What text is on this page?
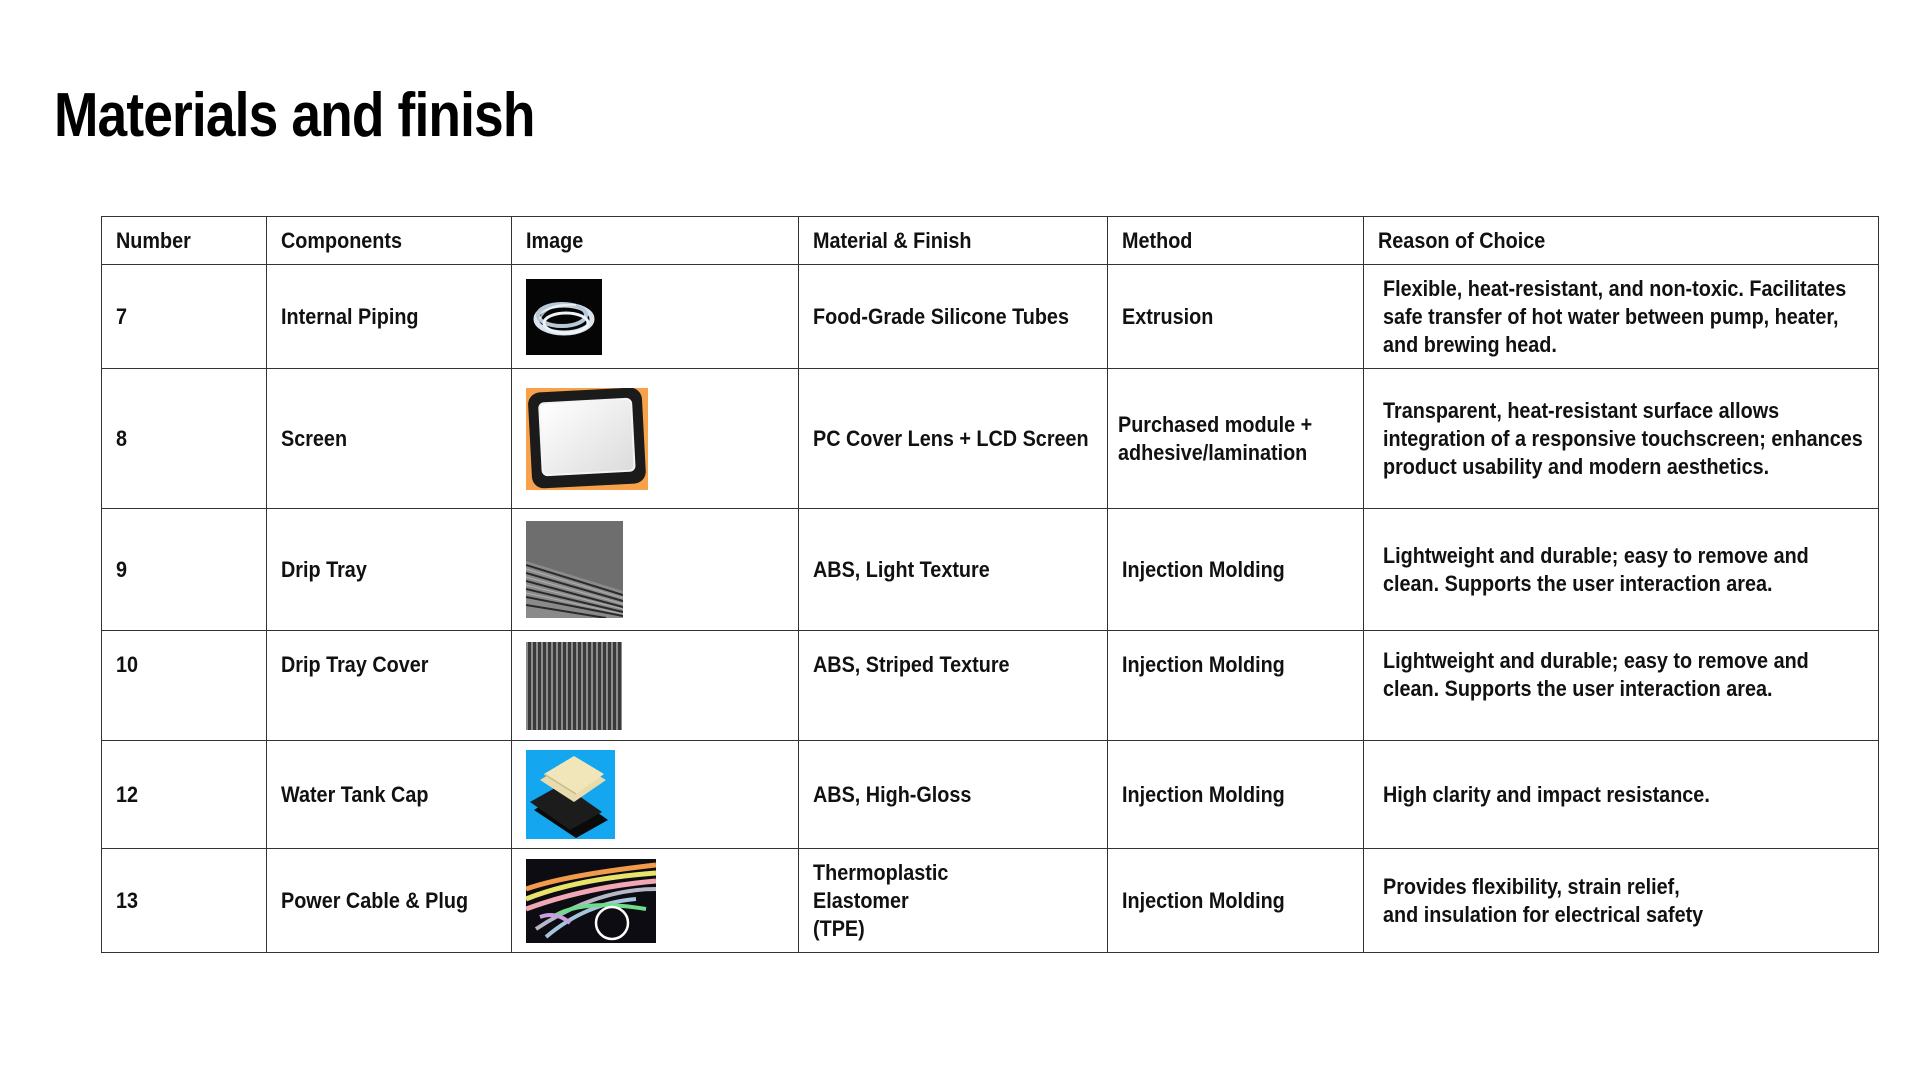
Materials and finish
Number	Components	Image	Material & Finish	Method	Reason of Choice
7	Internal Piping		Food-Grade Silicone Tubes	Extrusion	Flexible, heat-resistant, and non-toxic. Facilitates safe transfer of hot water between pump, heater, and brewing head.

8	Screen		PC Cover Lens + LCD Screen	Purchased module + adhesive/lamination	Transparent, heat-resistant surface allows integration of a responsive touchscreen; enhances product usability and modern aesthetics.

9	Drip Tray		ABS, Light Texture	Injection Molding	Lightweight and durable; easy to remove and clean. Supports the user interaction area.

10	Drip Tray Cover		ABS, Striped Texture	Injection Molding	Lightweight and durable; easy to remove and clean. Supports the user interaction area.

12	Water Tank Cap		ABS, High-Gloss	Injection Molding	High clarity and impact resistance.
13	Power Cable & Plug		Thermoplastic Elastomer (TPE)	Injection Molding	Provides flexibility, strain relief, and insulation for electrical safety
